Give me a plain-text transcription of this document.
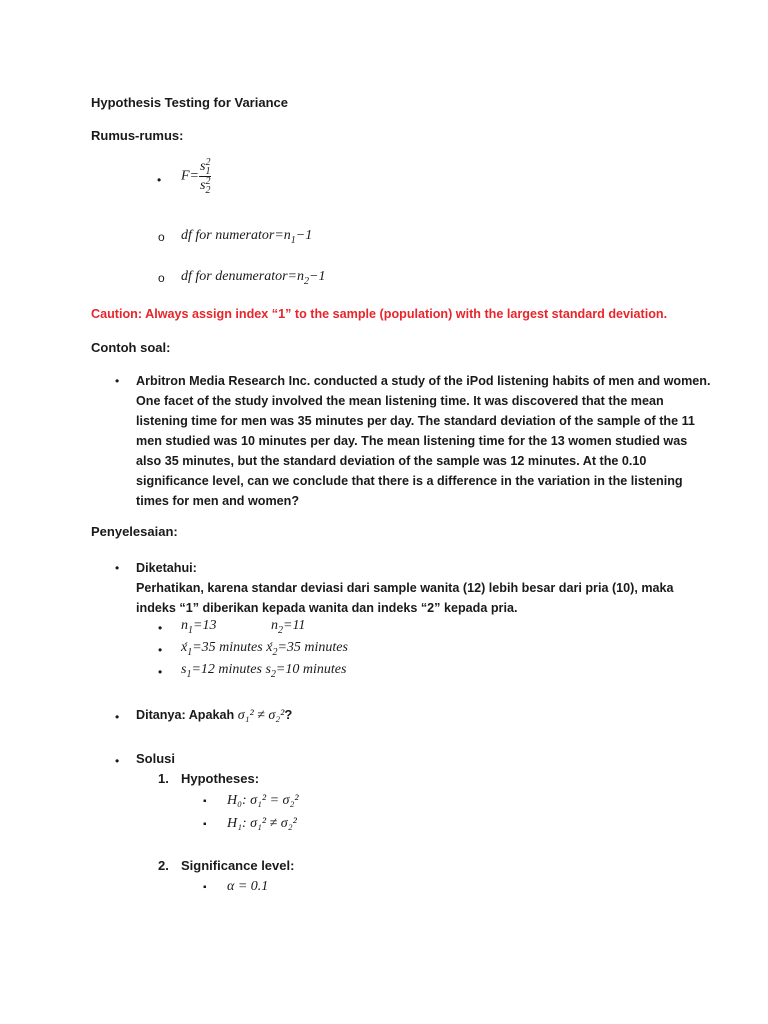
Hypothesis Testing for Variance
Rumus-rumus:
• F= s 2
1
s 2
2
o df for $numerator=n_1-1$
o df for $denumerator=n_2-1$
Caution: Always assign index “1” to the sample (population) with the largest standard deviation.
Contoh soal:
• Arbitron Media Research Inc. conducted a study of the iPod listening habits of men and women.
One facet of the study involved the mean listening time. It was discovered that the mean
listening time for men was 35 minutes per day. The standard deviation of the sample of the 11
men studied was 10 minutes per day. The mean listening time for the 13 women studied was
also 35 minutes, but the standard deviation of the sample was 12 minutes. At the 0.10
significance level, can we conclude that there is a difference in the variation in the listening
times for men and women?
Penyelesaian:
• Diketahui:
Perhatikan, karena standar deviasi dari sample wanita (12) lebih besar dari pria (10), maka
indeks “1” diberikan kepada wanita dan indeks “2” kepada pria.
• $n_1=13$	$n_2=11$
• $x́_1=35$ minutes $x́_2=35$ minutes
• $s_1=12$ minutes $s_2=10$ minutes
• Ditanya: Apakah σ₁² ≠ σ₂²?
• Solusi
1. Hypotheses:
▪ H₀: σ₁² = σ₂²
▪ H₁: σ₁² ≠ σ₂²
2. Significance level:
▪ α = 0.1
